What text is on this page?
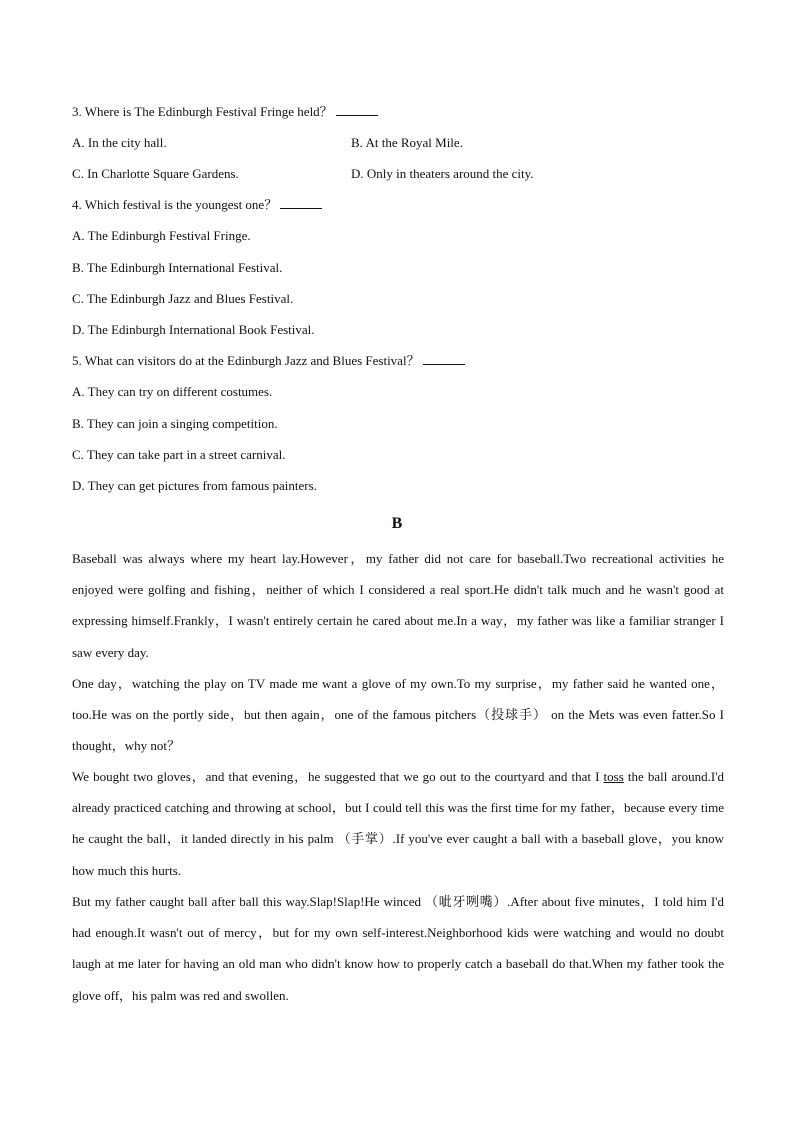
3. Where is The Edinburgh Festival Fringe held？
A. In the city hall.	B. At the Royal Mile.
C. In Charlotte Square Gardens.	D. Only in theaters around the city.
4. Which festival is the youngest one？
A. The Edinburgh Festival Fringe.
B. The Edinburgh International Festival.
C. The Edinburgh Jazz and Blues Festival.
D. The Edinburgh International Book Festival.
5. What can visitors do at the Edinburgh Jazz and Blues Festival？
A. They can try on different costumes.
B. They can join a singing competition.
C. They can take part in a street carnival.
D. They can get pictures from famous painters.
B
Baseball was always where my heart lay.However，my father did not care for baseball.Two recreational activities he enjoyed were golfing and fishing，neither of which I considered a real sport.He didn't talk much and he wasn't good at expressing himself.Frankly，I wasn't entirely certain he cared about me.In a way，my father was like a familiar stranger I saw every day.
One day，watching the play on TV made me want a glove of my own.To my surprise，my father said he wanted one，too.He was on the portly side，but then again，one of the famous pitchers（投球手） on the Mets was even fatter.So I thought，why not？
We bought two gloves，and that evening，he suggested that we go out to the courtyard and that I toss the ball around.I'd already practiced catching and throwing at school，but I could tell this was the first time for my father，because every time he caught the ball，it landed directly in his palm （手掌）.If you've ever caught a ball with a baseball glove，you know how much this hurts.
But my father caught ball after ball this way.Slap!Slap!He winced （呲牙咧嘴）.After about five minutes，I told him I'd had enough.It wasn't out of mercy，but for my own self-interest.Neighborhood kids were watching and would no doubt laugh at me later for having an old man who didn't know how to properly catch a baseball do that.When my father took the glove off，his palm was red and swollen.
